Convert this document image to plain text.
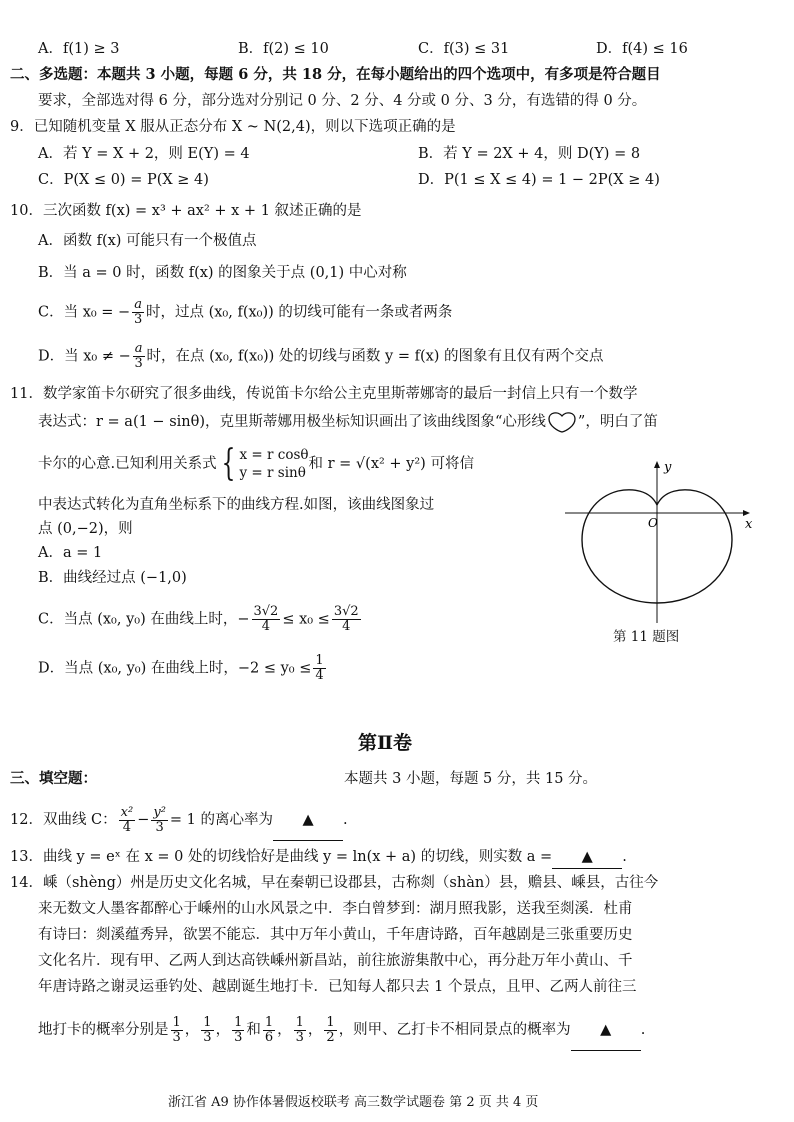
A．f(1) ≥ 3	B．f(2) ≤ 10	C．f(3) ≤ 31	D．f(4) ≤ 16
二、多选题：本题共 3 小题，每题 6 分，共 18 分，在每小题给出的四个选项中，有多项是符合题目
要求，全部选对得 6 分，部分选对分别记 0 分、2 分、4 分或 0 分、3 分，有选错的得 0 分。
9．已知随机变量 X 服从正态分布 X ~ N(2,4)，则以下选项正确的是
A．若 Y = X + 2，则 E(Y) = 4	B．若 Y = 2X + 4，则 D(Y) = 8
C．P(X ≤ 0) = P(X ≥ 4)	D．P(1 ≤ X ≤ 4) = 1 − 2P(X ≥ 4)
10．三次函数 f(x) = x³ + ax² + x + 1 叙述正确的是
A．函数 f(x) 可能只有一个极值点
B．当 a = 0 时，函数 f(x) 的图象关于点 (0,1) 中心对称
C．当 x₀ = − $\frac{a}{3}$ 时，过点 (x₀, f(x₀)) 的切线可能有一条或者两条
D．当 x₀ ≠ − $\frac{a}{3}$ 时，在点 (x₀, f(x₀)) 处的切线与函数 y = f(x) 的图象有且仅有两个交点
11．数学家笛卡尔研究了很多曲线，传说笛卡尔给公主克里斯蒂娜寄的最后一封信上只有一个数学
表达式：r = a(1 − sinθ)，克里斯蒂娜用极坐标知识画出了该曲线图象“心形线 ”，明白了笛
卡尔的心意.已知利用关系式 { x = r cosθ
y = r sinθ
和 r = √(x² + y²) 可将信
中表达式转化为直角坐标系下的曲线方程.如图，该曲线图象过
点 (0,−2)，则
A．a = 1
B．曲线经过点 (−1,0)
C．当点 (x₀, y₀) 在曲线上时，− $\frac{3√2}{4} \le x_0 \le \frac{3√2}{4}$
D．当点 (x₀, y₀) 在曲线上时，$-2 \le y_0 \le \frac{1}{4}$
x
y
O
第 11 题图
第Ⅱ卷
三、填空题：	本题共 3 小题，每题 5 分，共 15 分。
12．双曲线 C： $\frac{\text{x²}}{4} - \frac{\text{y²}}{3} = 1$ 的离心率为 ▲ .
13．曲线 y = eˣ 在 x = 0 处的切线恰好是曲线 y = ln(x + a) 的切线，则实数 a = ▲ .
14．嵊（shèng）州是历史文化名城，早在秦朝已设郡县，古称剡（shàn）县，赡县、嵊县，古往今
来无数文人墨客都醉心于嵊州的山水风景之中．李白曾梦到：湖月照我影，送我至剡溪．杜甫
有诗曰：剡溪蕴秀异，欲罢不能忘．其中万年小黄山，千年唐诗路，百年越剧是三张重要历史
文化名片．现有甲、乙两人到达高铁嵊州新昌站，前往旅游集散中心，再分赴万年小黄山、千
年唐诗路之谢灵运垂钓处、越剧诞生地打卡．已知每人都只去 1 个景点，且甲、乙两人前往三
地打卡的概率分别是 $\frac{1}{3}$ ， $\frac{1}{3}$ ， $\frac{1}{3}$ 和 $\frac{1}{6}$ ， $\frac{1}{3}$ ， $\frac{1}{2}$ ，则甲、乙打卡不相同景点的概率为 ▲ .
浙江省 A9 协作体暑假返校联考 高三数学试题卷 第 2 页 共 4 页
